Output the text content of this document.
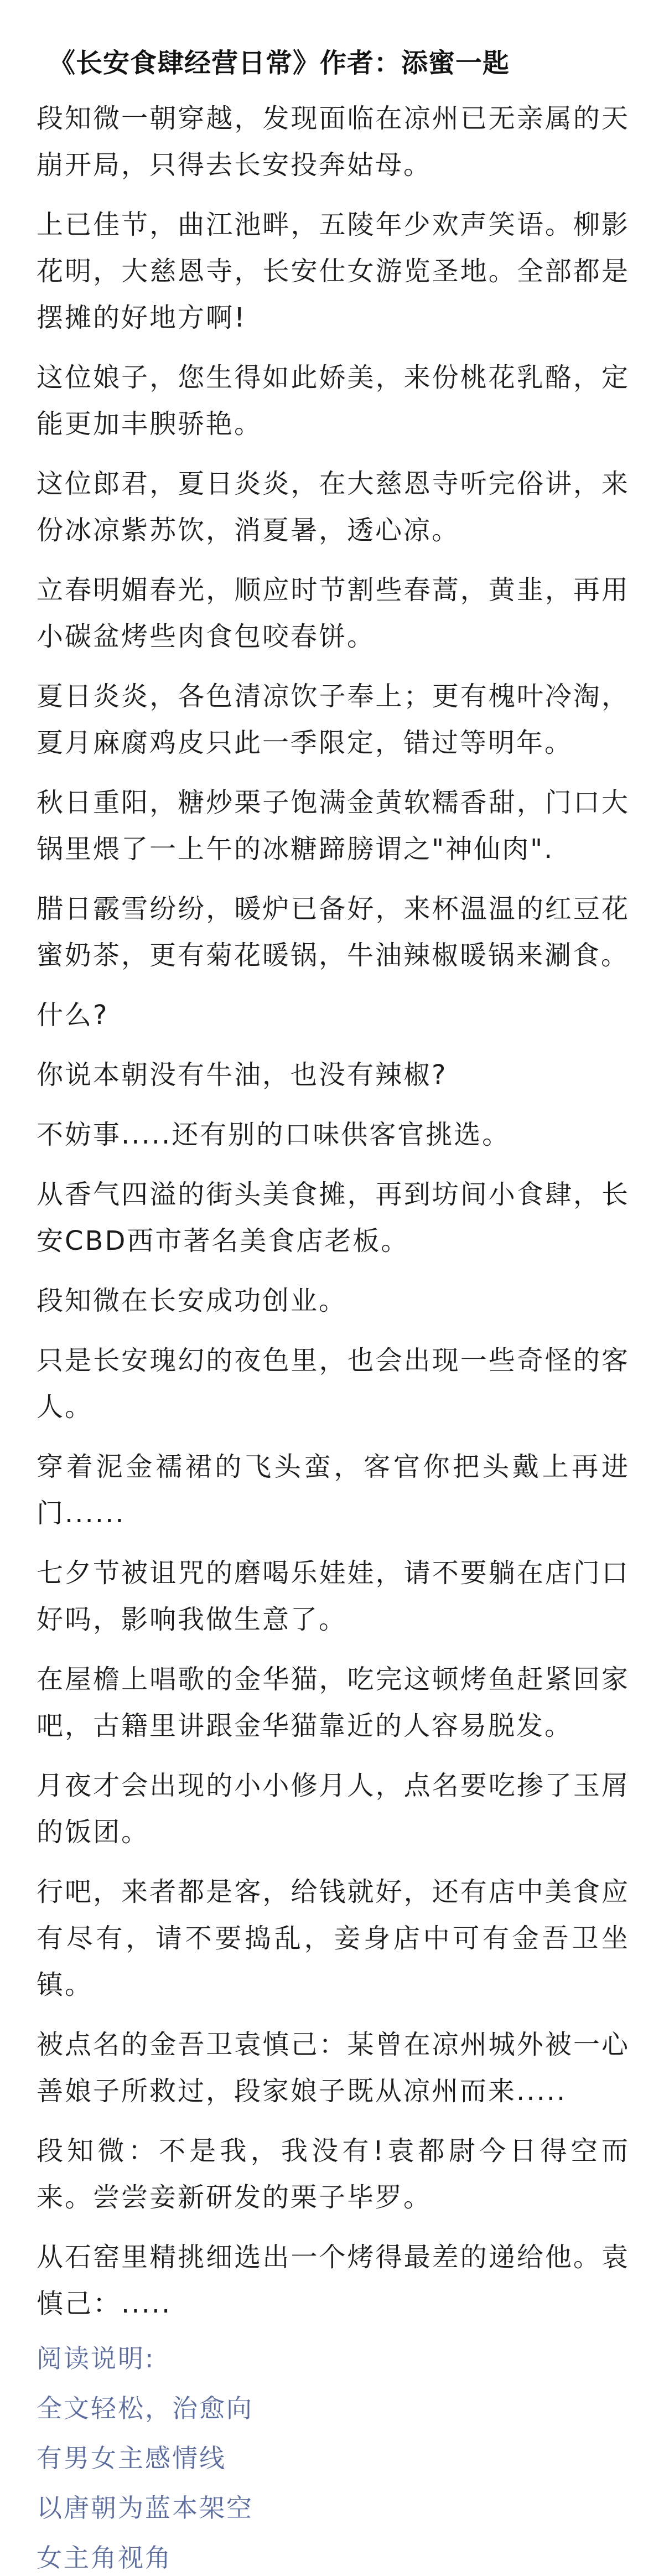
《长安食肆经营日常》作者：添蜜一匙

段知微一朝穿越，发现面临在凉州已无亲属的天崩开局，只得去长安投奔姑母。

上已佳节，曲江池畔，五陵年少欢声笑语。柳影花明，大慈恩寺，长安仕女游览圣地。全部都是摆摊的好地方啊!

这位娘子，您生得如此娇美，来份桃花乳酪，定能更加丰腴骄艳。

这位郎君，夏日炎炎，在大慈恩寺听完俗讲，来份冰凉紫苏饮，消夏暑，透心凉。

立春明媚春光，顺应时节割些春蒿，黄韭，再用小碳盆烤些肉食包咬春饼。

夏日炎炎，各色清凉饮子奉上；更有槐叶冷淘，夏月麻腐鸡皮只此一季限定，错过等明年。

秋日重阳，糖炒栗子饱满金黄软糯香甜，门口大锅里煨了一上午的冰糖蹄膀谓之"神仙肉".

腊日霰雪纷纷，暖炉已备好，来杯温温的红豆花蜜奶茶，更有菊花暖锅，牛油辣椒暖锅来涮食。

什么?

你说本朝没有牛油，也没有辣椒?

不妨事.....还有别的口味供客官挑选。

从香气四溢的街头美食摊，再到坊间小食肆，长安CBD西市著名美食店老板。

段知微在长安成功创业。

只是长安瑰幻的夜色里，也会出现一些奇怪的客人。

穿着泥金襦裙的飞头蛮，客官你把头戴上再进门......

七夕节被诅咒的磨喝乐娃娃，请不要躺在店门口好吗，影响我做生意了。

在屋檐上唱歌的金华猫，吃完这顿烤鱼赶紧回家吧，古籍里讲跟金华猫靠近的人容易脱发。

月夜才会出现的小小修月人，点名要吃掺了玉屑的饭团。

行吧，来者都是客，给钱就好，还有店中美食应有尽有，请不要捣乱，妾身店中可有金吾卫坐镇。

被点名的金吾卫袁慎己：某曾在凉州城外被一心善娘子所救过，段家娘子既从凉州而来.....

段知微：不是我，我没有!袁都尉今日得空而来。尝尝妾新研发的栗子毕罗。

从石窑里精挑细选出一个烤得最差的递给他。袁慎己：.....

阅读说明:

全文轻松，治愈向

有男女主感情线

以唐朝为蓝本架空

女主角视角
